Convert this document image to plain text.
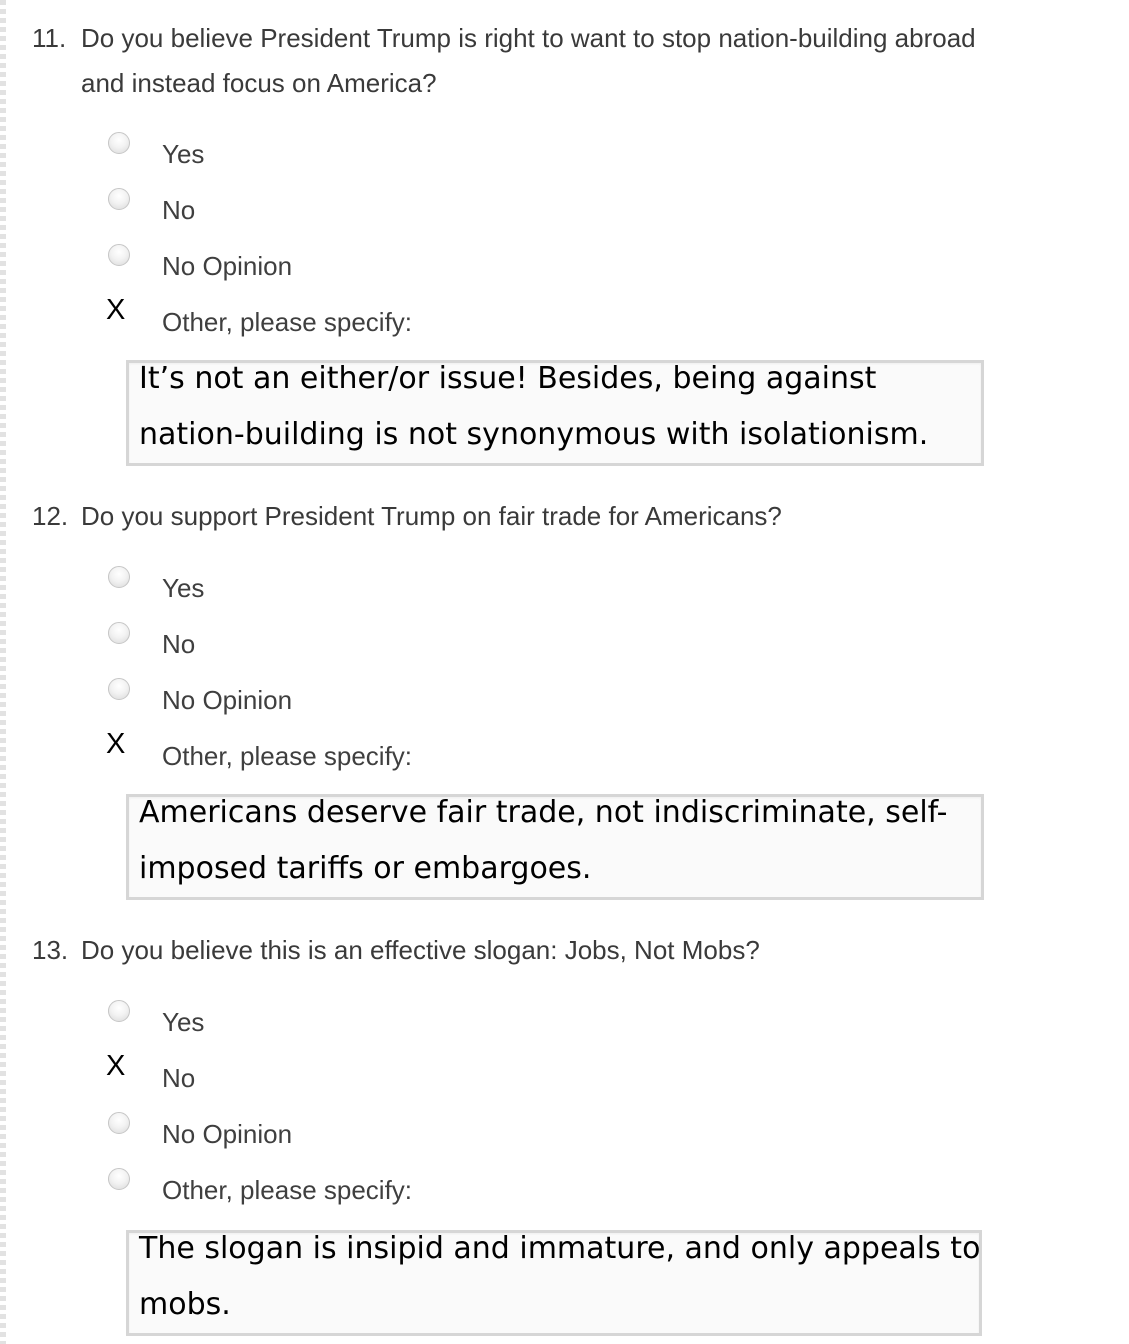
11. Do you believe President Trump is right to want to stop nation-building abroad
and instead focus on America?
Yes
No
No Opinion
X Other, please specify:
It’s not an either/or issue! Besides, being against nation-building is not synonymous with isolationism.
12. Do you support President Trump on fair trade for Americans?
Yes
No
No Opinion
X Other, please specify:
Americans deserve fair trade, not indiscriminate, self-imposed tariffs or embargoes.
13. Do you believe this is an effective slogan: Jobs, Not Mobs?
Yes
X No
No Opinion
Other, please specify:
The slogan is insipid and immature, and only appeals to mobs.
